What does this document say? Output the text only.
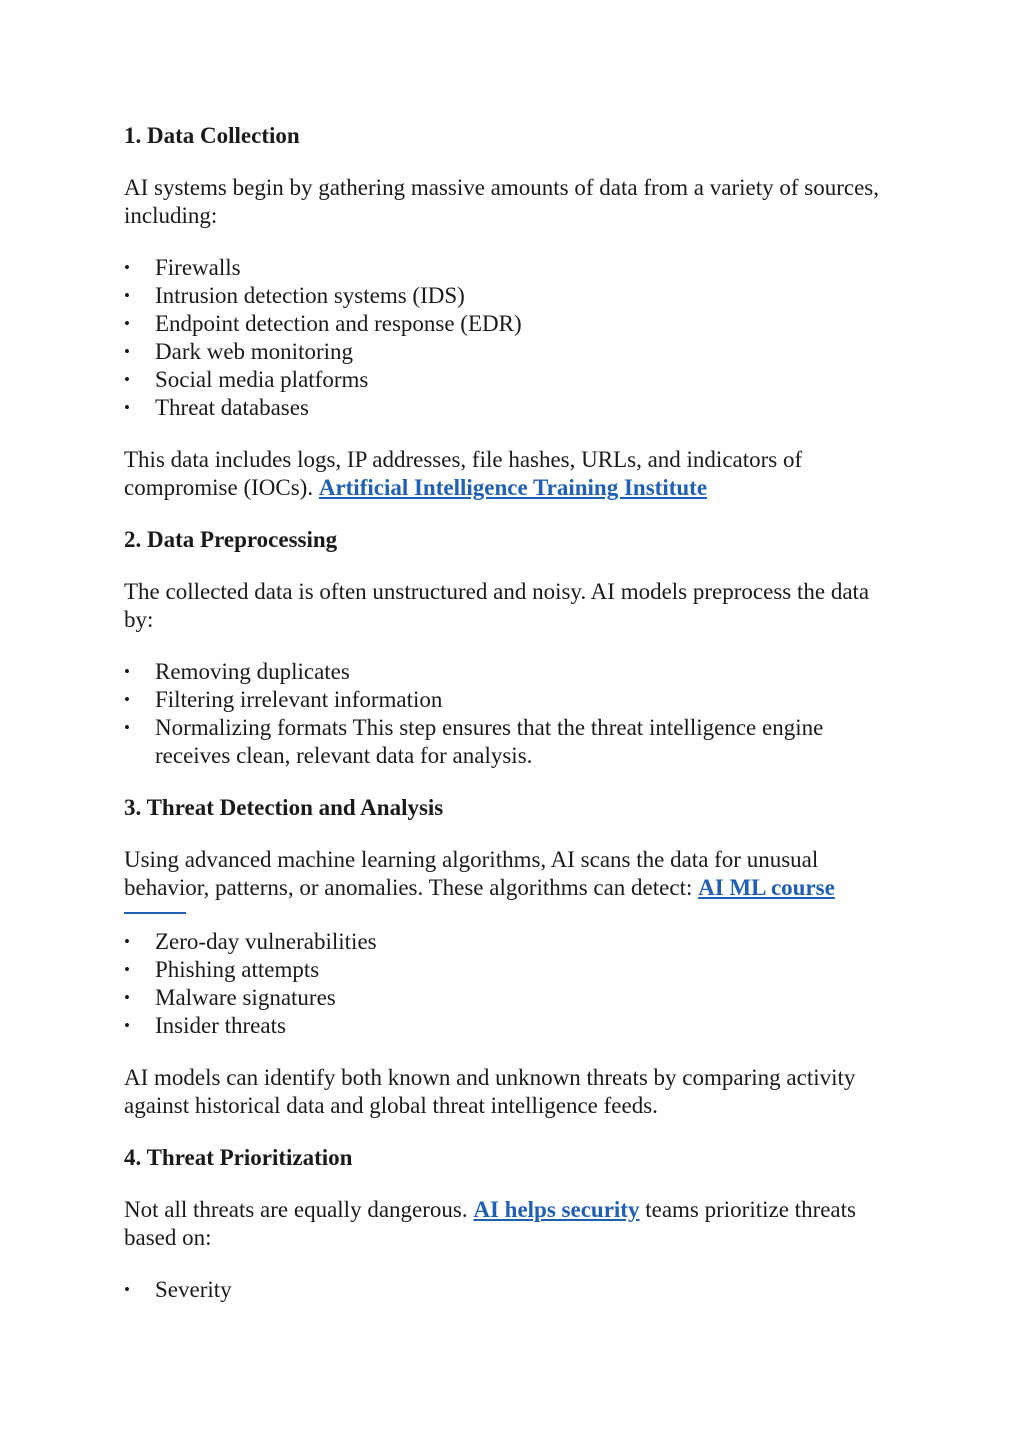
1. Data Collection

AI systems begin by gathering massive amounts of data from a variety of sources, including:

• Firewalls
• Intrusion detection systems (IDS)
• Endpoint detection and response (EDR)
• Dark web monitoring
• Social media platforms
• Threat databases

This data includes logs, IP addresses, file hashes, URLs, and indicators of compromise (IOCs). Artificial Intelligence Training Institute

2. Data Preprocessing

The collected data is often unstructured and noisy. AI models preprocess the data by:

• Removing duplicates
• Filtering irrelevant information
• Normalizing formats This step ensures that the threat intelligence engine receives clean, relevant data for analysis.
3. Threat Detection and Analysis

Using advanced machine learning algorithms, AI scans the data for unusual behavior, patterns, or anomalies. These algorithms can detect: AI ML course

• Zero-day vulnerabilities
• Phishing attempts
• Malware signatures
• Insider threats

AI models can identify both known and unknown threats by comparing activity against historical data and global threat intelligence feeds.

4. Threat Prioritization

Not all threats are equally dangerous. AI helps security teams prioritize threats based on:

• Severity
